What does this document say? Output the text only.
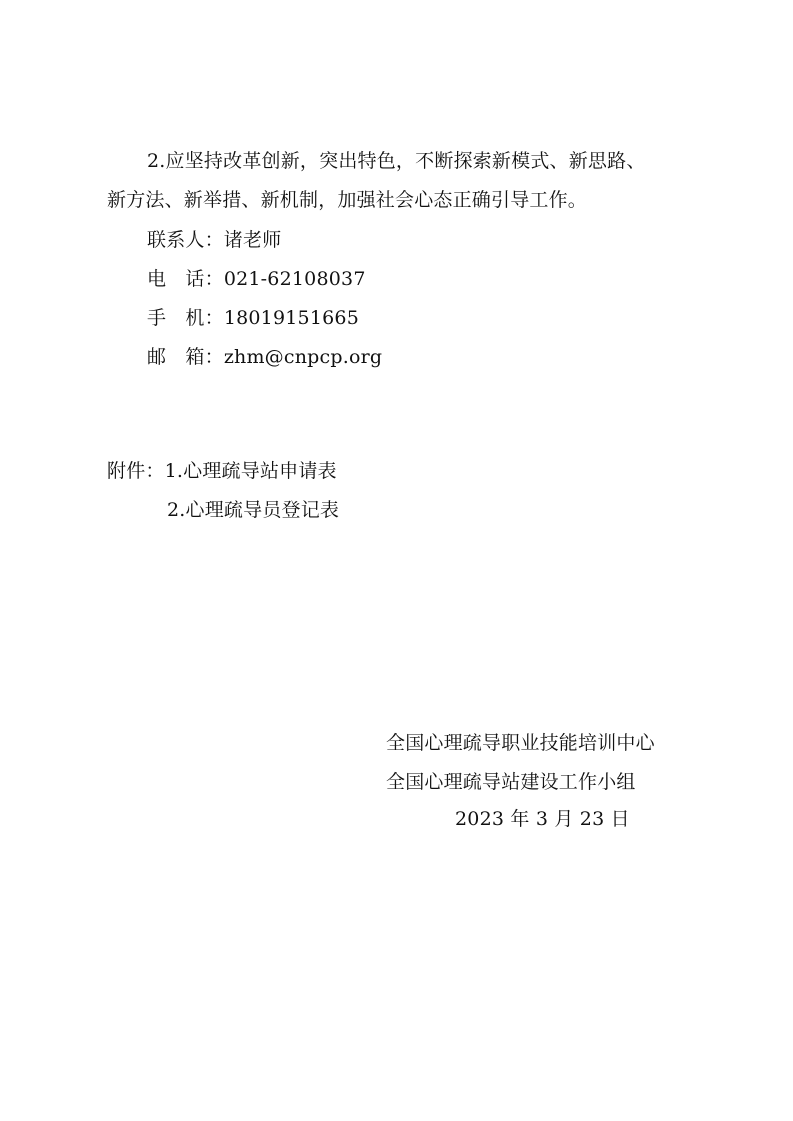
2.应坚持改革创新，突出特色，不断探索新模式、新思路、
新方法、新举措、新机制，加强社会心态正确引导工作。
联系人：诸老师
电　话：021-62108037
手　机：18019151665
邮　箱：zhm@cnpcp.org
附件：1.心理疏导站申请表
2.心理疏导员登记表
全国心理疏导职业技能培训中心
全国心理疏导站建设工作小组
2023 年 3 月 23 日
